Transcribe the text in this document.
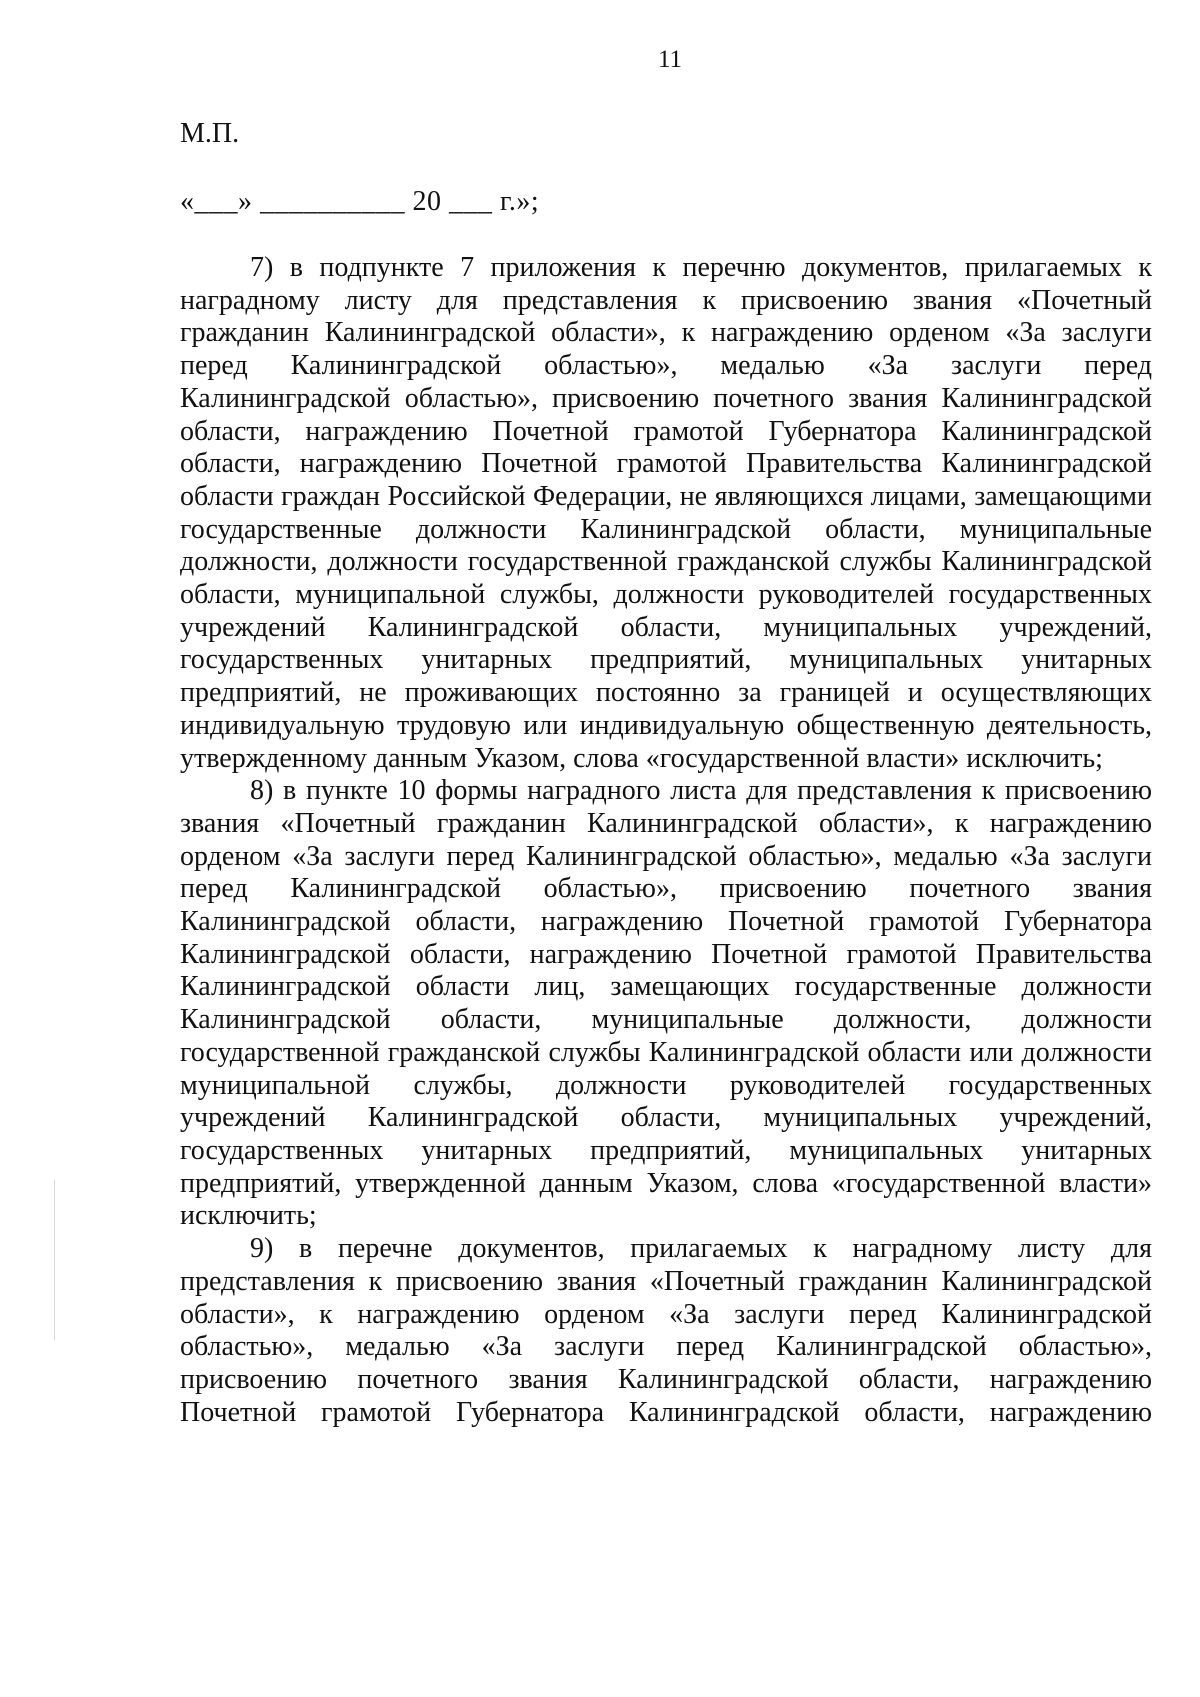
11
М.П.
«___» __________ 20 ___ г.»;

7) в подпункте 7 приложения к перечню документов, прилагаемых к наградному листу для представления к присвоению звания «Почетный гражданин Калининградской области», к награждению орденом «За заслуги перед Калининградской областью», медалью «За заслуги перед Калининградской областью», присвоению почетного звания Калининградской области, награждению Почетной грамотой Губернатора Калининградской области, награждению Почетной грамотой Правительства Калининградской области граждан Российской Федерации, не являющихся лицами, замещающими государственные должности Калининградской области, муниципальные должности, должности государственной гражданской службы Калининградской области, муниципальной службы, должности руководителей государственных учреждений Калининградской области, муниципальных учреждений, государственных унитарных предприятий, муниципальных унитарных предприятий, не проживающих постоянно за границей и осуществляющих индивидуальную трудовую или индивидуальную общественную деятельность, утвержденному данным Указом, слова «государственной власти» исключить;

8) в пункте 10 формы наградного листа для представления к присвоению звания «Почетный гражданин Калининградской области», к награждению орденом «За заслуги перед Калининградской областью», медалью «За заслуги перед Калининградской областью», присвоению почетного звания Калининградской области, награждению Почетной грамотой Губернатора Калининградской области, награждению Почетной грамотой Правительства Калининградской области лиц, замещающих государственные должности Калининградской области, муниципальные должности, должности государственной гражданской службы Калининградской области или должности муниципальной службы, должности руководителей государственных учреждений Калининградской области, муниципальных учреждений, государственных унитарных предприятий, муниципальных унитарных предприятий, утвержденной данным Указом, слова «государственной власти» исключить;

9) в перечне документов, прилагаемых к наградному листу для представления к присвоению звания «Почетный гражданин Калининградской области», к награждению орденом «За заслуги перед Калининградской областью», медалью «За заслуги перед Калининградской областью», присвоению почетного звания Калининградской области, награждению Почетной грамотой Губернатора Калининградской области, награждению
